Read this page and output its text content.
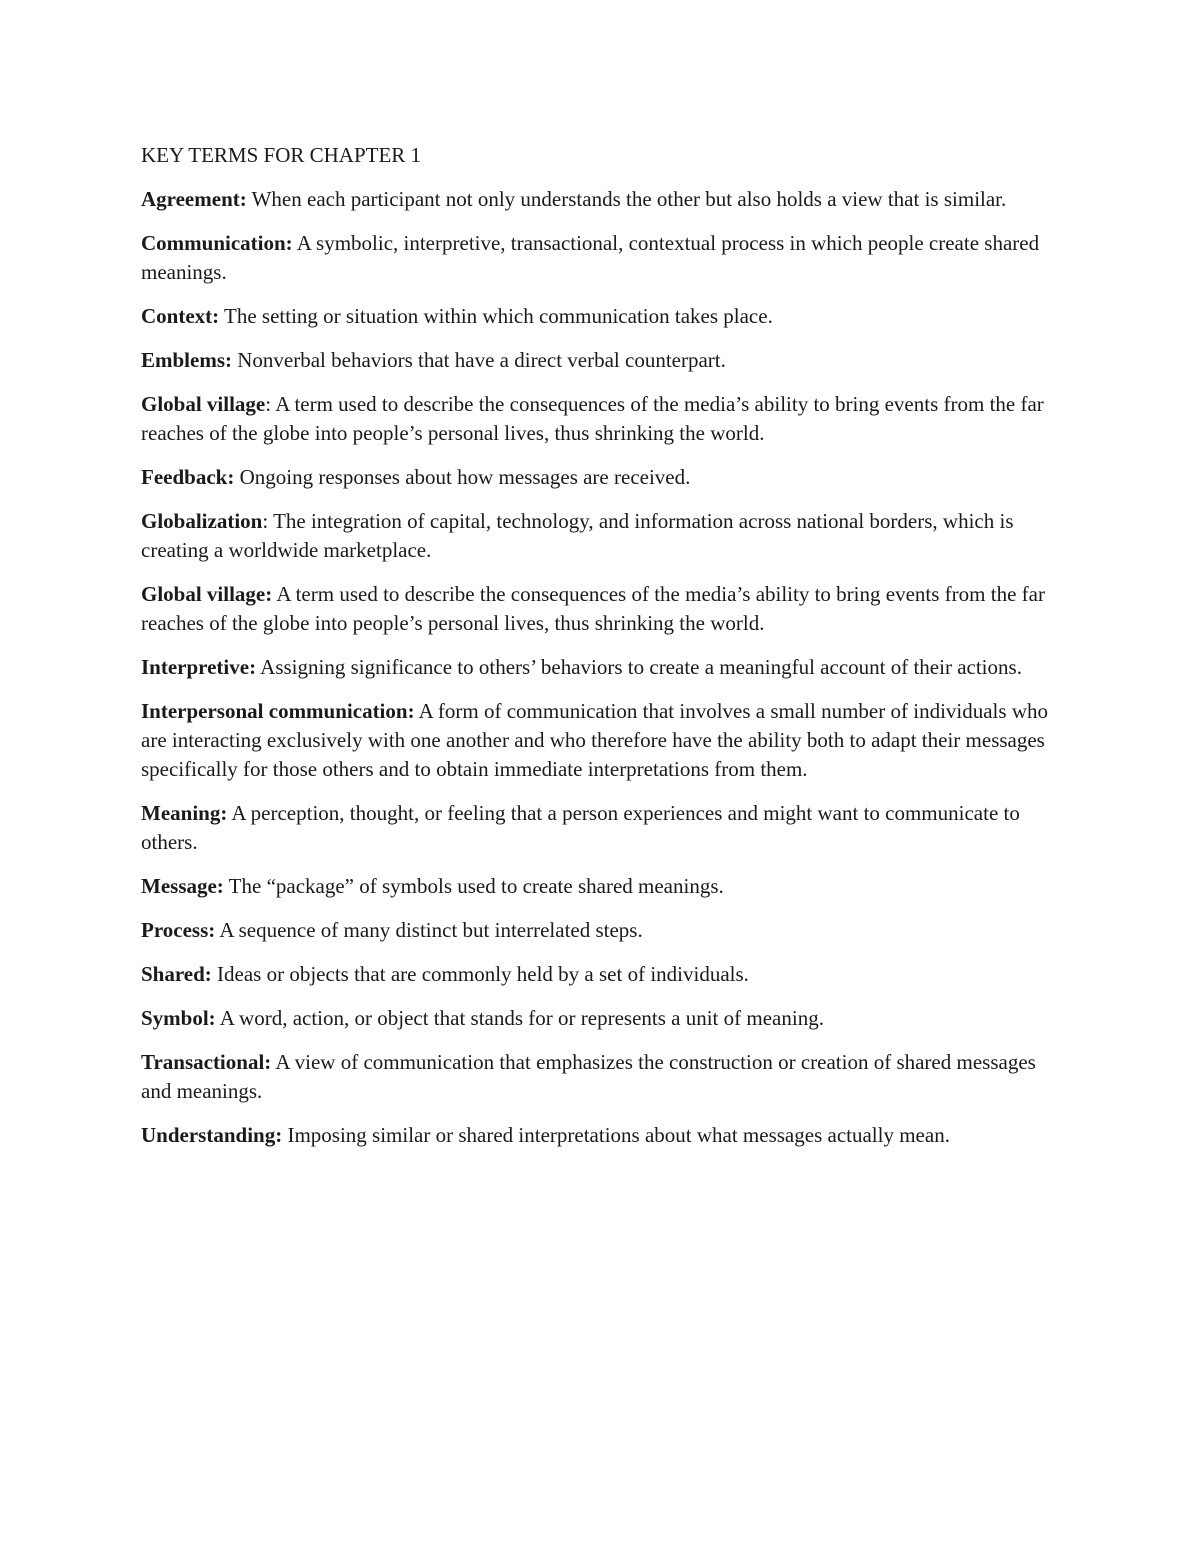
KEY TERMS FOR CHAPTER 1

Agreement: When each participant not only understands the other but also holds a view that is similar.

Communication: A symbolic, interpretive, transactional, contextual process in which people create shared meanings.

Context: The setting or situation within which communication takes place.

Emblems: Nonverbal behaviors that have a direct verbal counterpart.

Global village: A term used to describe the consequences of the media’s ability to bring events from the far reaches of the globe into people’s personal lives, thus shrinking the world.

Feedback: Ongoing responses about how messages are received.

Globalization: The integration of capital, technology, and information across national borders, which is creating a worldwide marketplace.

Global village: A term used to describe the consequences of the media’s ability to bring events from the far reaches of the globe into people’s personal lives, thus shrinking the world.

Interpretive: Assigning significance to others’ behaviors to create a meaningful account of their actions.

Interpersonal communication: A form of communication that involves a small number of individuals who are interacting exclusively with one another and who therefore have the ability both to adapt their messages specifically for those others and to obtain immediate interpretations from them.

Meaning: A perception, thought, or feeling that a person experiences and might want to communicate to others.

Message: The “package” of symbols used to create shared meanings.

Process: A sequence of many distinct but interrelated steps.

Shared: Ideas or objects that are commonly held by a set of individuals.

Symbol: A word, action, or object that stands for or represents a unit of meaning.

Transactional: A view of communication that emphasizes the construction or creation of shared messages and meanings.

Understanding: Imposing similar or shared interpretations about what messages actually mean.
